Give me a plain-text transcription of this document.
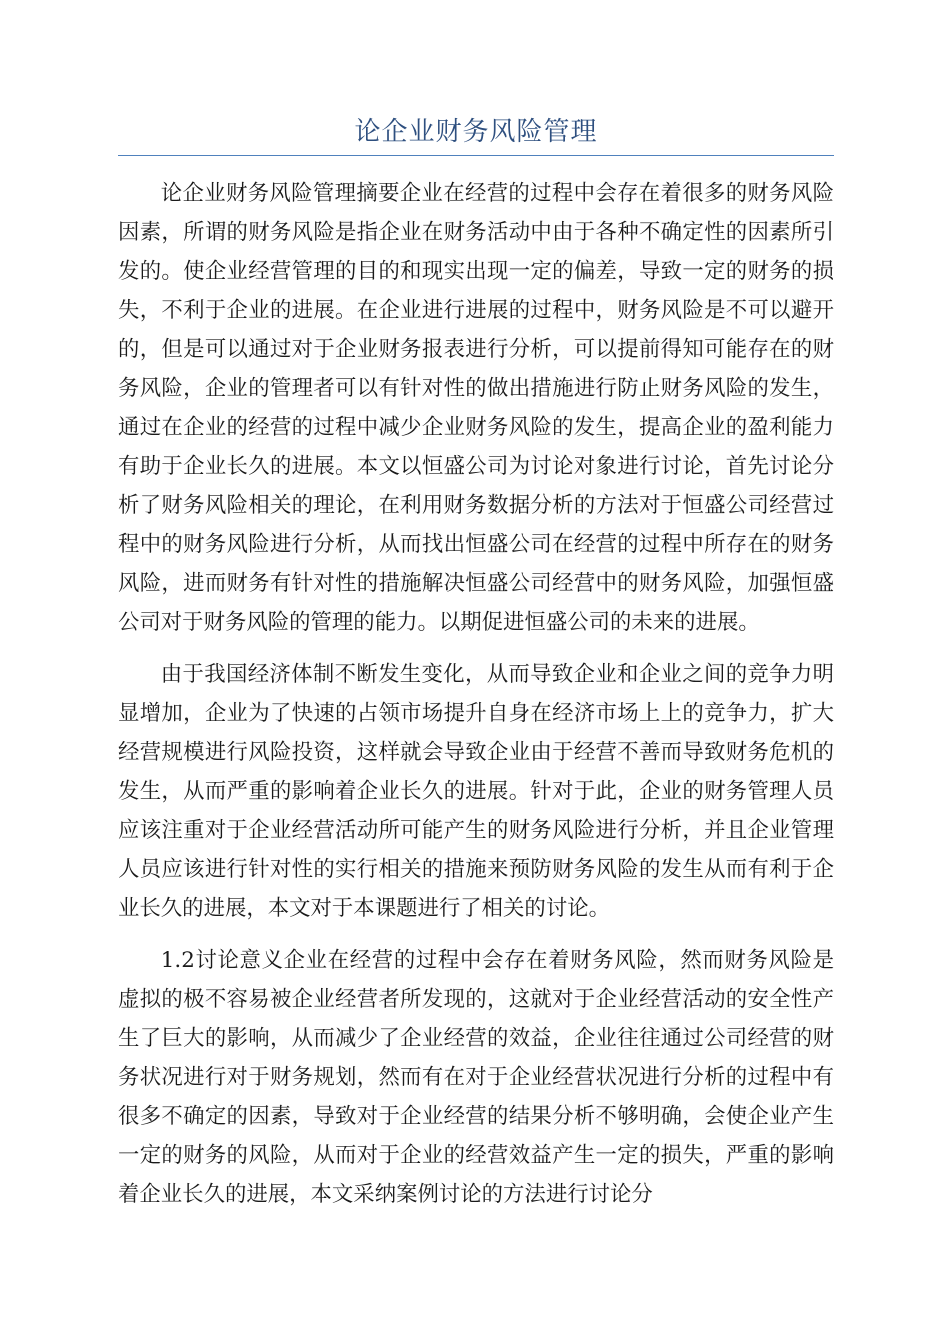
论企业财务风险管理

论企业财务风险管理摘要企业在经营的过程中会存在着很多的财务风险因素，所谓的财务风险是指企业在财务活动中由于各种不确定性的因素所引发的。使企业经营管理的目的和现实出现一定的偏差，导致一定的财务的损失，不利于企业的进展。在企业进行进展的过程中，财务风险是不可以避开的，但是可以通过对于企业财务报表进行分析，可以提前得知可能存在的财务风险，企业的管理者可以有针对性的做出措施进行防止财务风险的发生，通过在企业的经营的过程中减少企业财务风险的发生，提高企业的盈利能力有助于企业长久的进展。本文以恒盛公司为讨论对象进行讨论，首先讨论分析了财务风险相关的理论，在利用财务数据分析的方法对于恒盛公司经营过程中的财务风险进行分析，从而找出恒盛公司在经营的过程中所存在的财务风险，进而财务有针对性的措施解决恒盛公司经营中的财务风险，加强恒盛公司对于财务风险的管理的能力。以期促进恒盛公司的未来的进展。

由于我国经济体制不断发生变化，从而导致企业和企业之间的竞争力明显增加，企业为了快速的占领市场提升自身在经济市场上上的竞争力，扩大经营规模进行风险投资，这样就会导致企业由于经营不善而导致财务危机的发生，从而严重的影响着企业长久的进展。针对于此，企业的财务管理人员应该注重对于企业经营活动所可能产生的财务风险进行分析，并且企业管理人员应该进行针对性的实行相关的措施来预防财务风险的发生从而有利于企业长久的进展，本文对于本课题进行了相关的讨论。

1.2讨论意义企业在经营的过程中会存在着财务风险，然而财务风险是虚拟的极不容易被企业经营者所发现的，这就对于企业经营活动的安全性产生了巨大的影响，从而减少了企业经营的效益，企业往往通过公司经营的财务状况进行对于财务规划，然而有在对于企业经营状况进行分析的过程中有很多不确定的因素，导致对于企业经营的结果分析不够明确，会使企业产生一定的财务的风险，从而对于企业的经营效益产生一定的损失，严重的影响着企业长久的进展，本文采纳案例讨论的方法进行讨论分
